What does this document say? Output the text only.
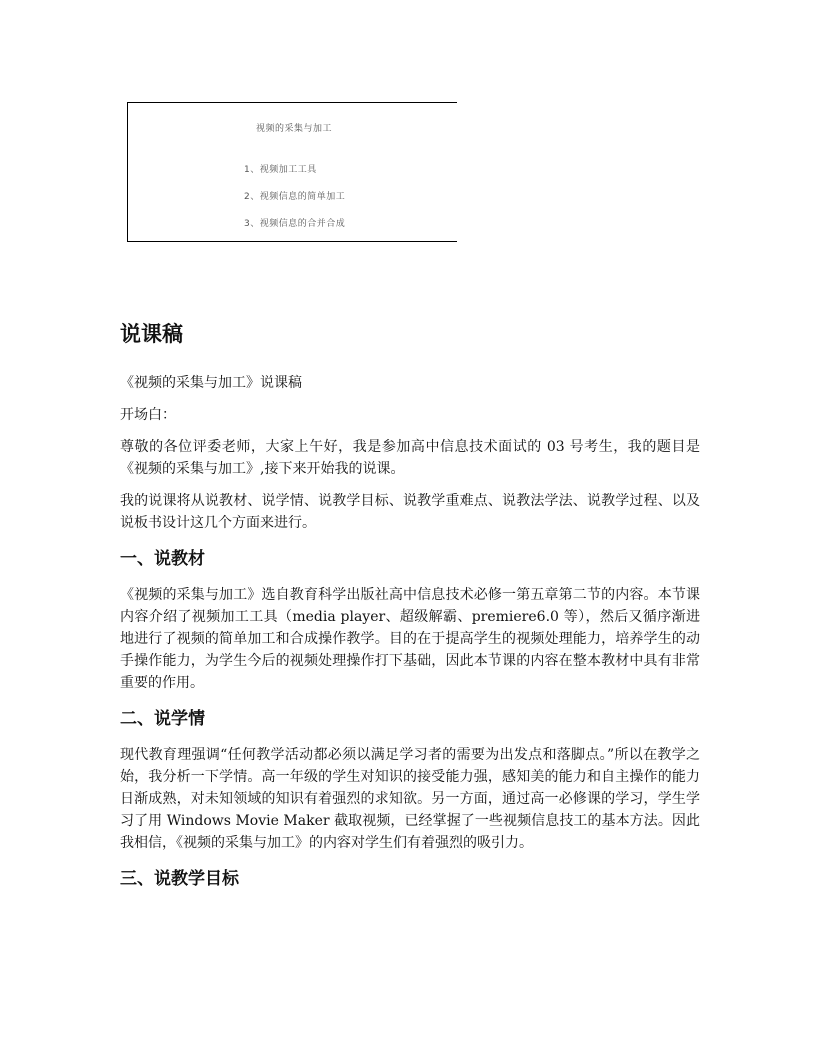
视频的采集与加工
1、视频加工工具
2、视频信息的简单加工
3、视频信息的合并合成
说课稿

《视频的采集与加工》说课稿

开场白：

尊敬的各位评委老师，大家上午好，我是参加高中信息技术面试的 03 号考生，我的题目是《视频的采集与加工》,接下来开始我的说课。

我的说课将从说教材、说学情、说教学目标、说教学重难点、说教法学法、说教学过程、以及说板书设计这几个方面来进行。

一、说教材

《视频的采集与加工》选自教育科学出版社高中信息技术必修一第五章第二节的内容。本节课内容介绍了视频加工工具（media player、超级解霸、premiere6.0 等），然后又循序渐进地进行了视频的简单加工和合成操作教学。目的在于提高学生的视频处理能力，培养学生的动手操作能力，为学生今后的视频处理操作打下基础，因此本节课的内容在整本教材中具有非常重要的作用。

二、说学情

现代教育理强调“任何教学活动都必须以满足学习者的需要为出发点和落脚点。”所以在教学之始，我分析一下学情。高一年级的学生对知识的接受能力强，感知美的能力和自主操作的能力日渐成熟，对未知领域的知识有着强烈的求知欲。另一方面，通过高一必修课的学习，学生学习了用 Windows Movie Maker 截取视频，已经掌握了一些视频信息技工的基本方法。因此我相信，《视频的采集与加工》的内容对学生们有着强烈的吸引力。

三、说教学目标
